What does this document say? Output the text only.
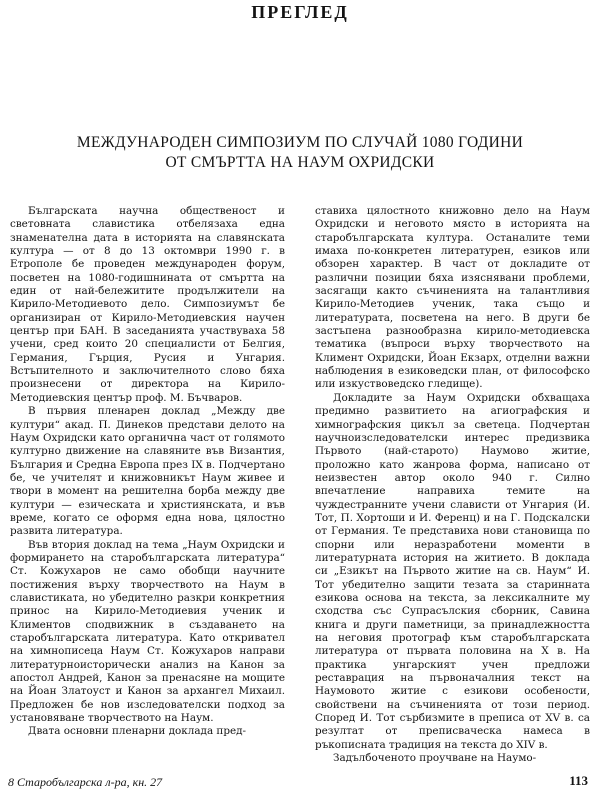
ПРЕГЛЕД
МЕЖДУНАРОДЕН СИМПОЗИУМ ПО СЛУЧАЙ 1080 ГОДИНИ
ОТ СМЪРТТА НА НАУМ ОХРИДСКИ

Българската научна общественост и световната славистика отбелязаха една знаменателна дата в историята на славянската култура — от 8 до 13 октомври 1990 г. в Етрополе бе проведен международен форум, посветен на 1080-годишнината от смъртта на един от най-бележитите продължители на Кирило-Методиевото дело. Симпозиумът бе организиран от Кирило-Методиевския научен център при БАН. В заседанията участвуваха 58 учени, сред които 20 специалисти от Белгия, Германия, Гърция, Русия и Унгария. Встъпителното и заключителното слово бяха произнесени от директора на Кирило-Методиевския център проф. М. Бъчваров.

В първия пленарен доклад „Между две култури“ акад. П. Динеков представи делото на Наум Охридски като органична част от голямото културно движение на славяните във Византия, България и Средна Европа през IX в. Подчертано бе, че учителят и книжовникът Наум живее и твори в момент на решителна борба между две култури — езическата и християнската, и във време, когато се оформя една нова, цялостно развита литература.

Във втория доклад на тема „Наум Охридски и формирането на старобългарската литература“ Ст. Кожухаров не само обобщи научните постижения върху творчеството на Наум в славистиката, но убедително разкри конкретния принос на Кирило-Методиевия ученик и Климентов сподвижник в създаването на старобългарската литература. Като откривател на химнописеца Наум Ст. Кожухаров направи литературноисторически анализ на Канон за апостол Андрей, Канон за пренасяне на мощите на Йоан Златоуст и Канон за архангел Михаил. Предложен бе нов изследователски подход за установяване творчеството на Наум.

Двата основни пленарни доклада пред-

ставиха цялостното книжовно дело на Наум Охридски и неговото място в историята на старобългарската култура. Останалите теми имаха по-конкретен литературен, езиков или обзорен характер. В част от докладите от различни позиции бяха изяснявани проблеми, засягащи както съчиненията на талантливия Кирило-Методиев ученик, така също и литературата, посветена на него. В други бе застъпена разнообразна кирило-методиевска тематика (въпроси върху творчеството на Климент Охридски, Йоан Екзарх, отделни важни наблюдения в езиковедски план, от философско или изкуствоведско гледище).

Докладите за Наум Охридски обхващаха предимно развитието на агиографския и химнографския цикъл за светеца. Подчертан научноизследователски интерес предизвика Първото (най-старото) Наумово житие, проложно като жанрова форма, написано от неизвестен автор около 940 г. Силно впечатление направиха темите на чуждестранните учени слависти от Унгария (И. Тот, П. Хортоши и И. Ференц) и на Г. Подскалски от Германия. Те представиха нови становища по спорни или неразработени моменти в литературната история на житието. В доклада си „Езикът на Първото житие на св. Наум“ И. Тот убедително защити тезата за старинната езикова основа на текста, за лексикалните му сходства със Супрасълския сборник, Савина книга и други паметници, за принадлежността на неговия протограф към старобългарската литература от първата половина на X в. На практика унгарският учен предложи реставрация на първоначалния текст на Наумовото житие с езикови особености, свойствени на съчиненията от този период. Според И. Тот сърбизмите в преписа от XV в. са резултат от преписваческа намеса в ръкописната традиция на текста до XIV в.

Задълбоченото проучване на Наумо-

8 Старобългарска л-ра, кн. 27	113
